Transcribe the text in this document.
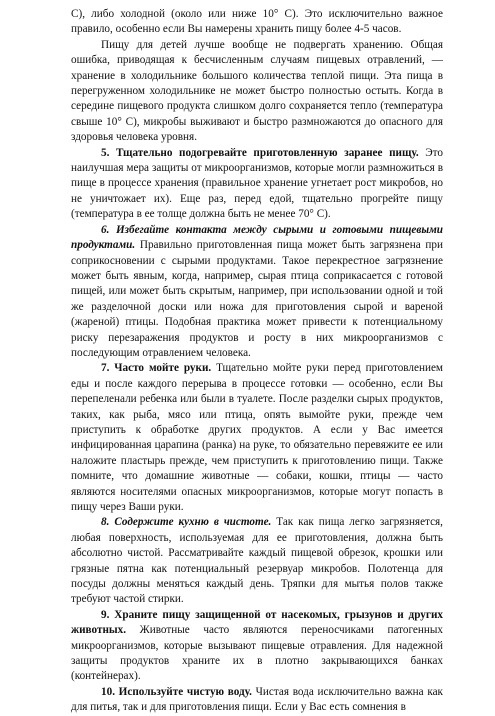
С), либо холодной (около или ниже 10° С). Это исключительно важное правило, особенно если Вы намерены хранить пищу более 4-5 часов.

Пищу для детей лучше вообще не подвергать хранению. Общая ошибка, приводящая к бесчисленным случаям пищевых отравлений, — хранение в холодильнике большого количества теплой пищи. Эта пища в перегруженном холодильнике не может быстро полностью остыть. Когда в середине пищевого продукта слишком долго сохраняется тепло (температура свыше 10° С), микробы выживают и быстро размножаются до опасного для здоровья человека уровня.

5. Тщательно подогревайте приготовленную заранее пищу. Это наилучшая мера защиты от микроорганизмов, которые могли размножиться в пище в процессе хранения (правильное хранение угнетает рост микробов, но не уничтожает их). Еще раз, перед едой, тщательно прогрейте пищу (температура в ее толще должна быть не менее 70° С).

6. Избегайте контакта между сырыми и готовыми пищевыми продуктами. Правильно приготовленная пища может быть загрязнена при соприкосновении с сырыми продуктами. Такое перекрестное загрязнение может быть явным, когда, например, сырая птица соприкасается с готовой пищей, или может быть скрытым, например, при использовании одной и той же разделочной доски или ножа для приготовления сырой и вареной (жареной) птицы. Подобная практика может привести к потенциальному риску перезаражения продуктов и росту в них микроорганизмов с последующим отравлением человека.

7. Часто мойте руки. Тщательно мойте руки перед приготовлением еды и после каждого перерыва в процессе готовки — особенно, если Вы перепеленали ребенка или были в туалете. После разделки сырых продуктов, таких, как рыба, мясо или птица, опять вымойте руки, прежде чем приступить к обработке других продуктов. А если у Вас имеется инфицированная царапина (ранка) на руке, то обязательно перевяжите ее или наложите пластырь прежде, чем приступить к приготовлению пищи. Также помните, что домашние животные — собаки, кошки, птицы — часто являются носителями опасных микроорганизмов, которые могут попасть в пищу через Ваши руки.

8. Содержите кухню в чистоте. Так как пища легко загрязняется, любая поверхность, используемая для ее приготовления, должна быть абсолютно чистой. Рассматривайте каждый пищевой обрезок, крошки или грязные пятна как потенциальный резервуар микробов. Полотенца для посуды должны меняться каждый день. Тряпки для мытья полов также требуют частой стирки.

9. Храните пищу защищенной от насекомых, грызунов и других животных. Животные часто являются переносчиками патогенных микроорганизмов, которые вызывают пищевые отравления. Для надежной защиты продуктов храните их в плотно закрывающихся банках (контейнерах).

10. Используйте чистую воду. Чистая вода исключительно важна как для питья, так и для приготовления пищи. Если у Вас есть сомнения в
